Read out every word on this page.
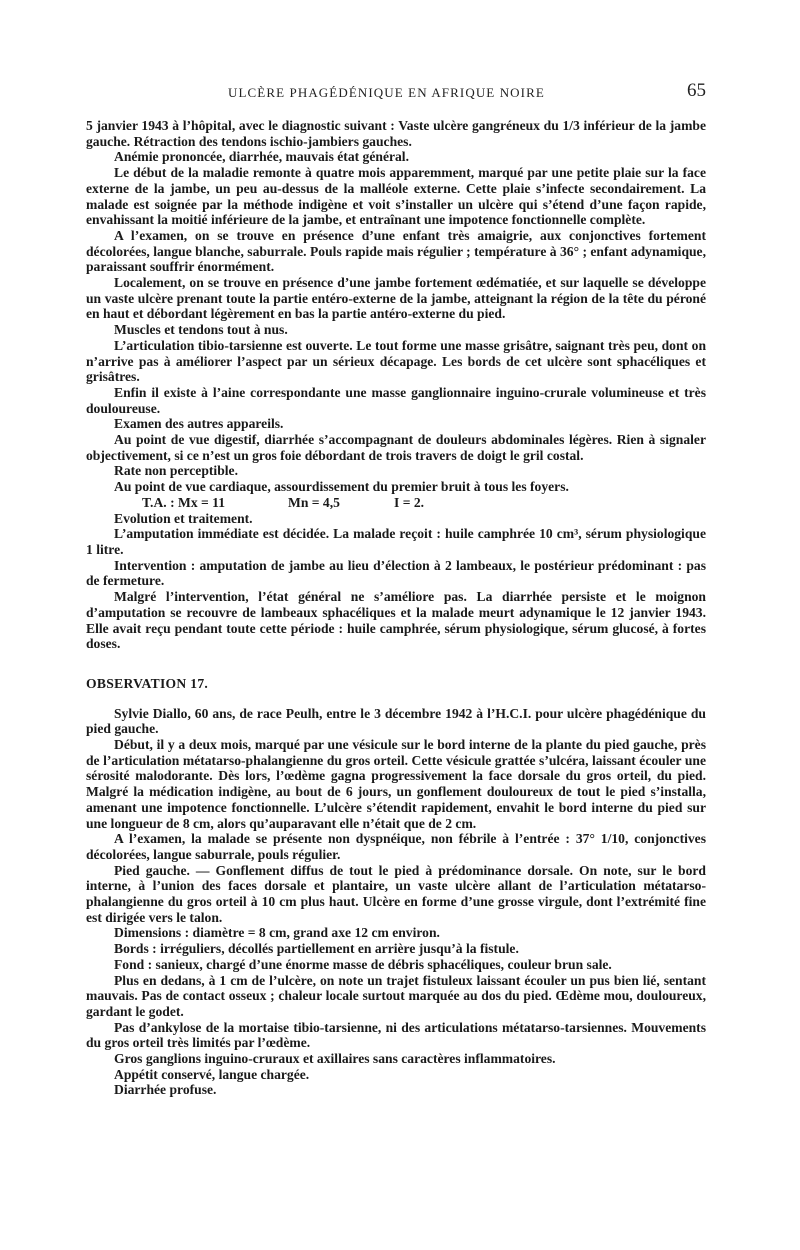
ULCÈRE PHAGÉDÉNIQUE EN AFRIQUE NOIRE	65

5 janvier 1943 à l’hôpital, avec le diagnostic suivant : Vaste ulcère gangréneux du 1/3 inférieur de la jambe gauche. Rétraction des tendons ischio-jambiers gauches.

Anémie prononcée, diarrhée, mauvais état général.

Le début de la maladie remonte à quatre mois apparemment, marqué par une petite plaie sur la face externe de la jambe, un peu au-dessus de la malléole externe. Cette plaie s’infecte secondairement. La malade est soignée par la méthode indigène et voit s’installer un ulcère qui s’étend d’une façon rapide, envahissant la moitié inférieure de la jambe, et entraînant une impotence fonctionnelle complète.

A l’examen, on se trouve en présence d’une enfant très amaigrie, aux conjonctives fortement décolorées, langue blanche, saburrale. Pouls rapide mais régulier ; température à 36° ; enfant adynamique, paraissant souffrir énormément.

Localement, on se trouve en présence d’une jambe fortement œdématiée, et sur laquelle se développe un vaste ulcère prenant toute la partie entéro-externe de la jambe, atteignant la région de la tête du péroné en haut et débordant légèrement en bas la partie antéro-externe du pied.

Muscles et tendons tout à nus.

L’articulation tibio-tarsienne est ouverte. Le tout forme une masse grisâtre, saignant très peu, dont on n’arrive pas à améliorer l’aspect par un sérieux décapage. Les bords de cet ulcère sont sphacéliques et grisâtres.

Enfin il existe à l’aine correspondante une masse ganglionnaire inguino-crurale volumineuse et très douloureuse.

Examen des autres appareils.

Au point de vue digestif, diarrhée s’accompagnant de douleurs abdominales légères. Rien à signaler objectivement, si ce n’est un gros foie débordant de trois travers de doigt le gril costal.

Rate non perceptible.

Au point de vue cardiaque, assourdissement du premier bruit à tous les foyers.

T.A. : Mx = 11	Mn = 4,5	I = 2.

Evolution et traitement.

L’amputation immédiate est décidée. La malade reçoit : huile camphrée 10 cm³, sérum physiologique 1 litre.

Intervention : amputation de jambe au lieu d’élection à 2 lambeaux, le postérieur prédominant : pas de fermeture.

Malgré l’intervention, l’état général ne s’améliore pas. La diarrhée persiste et le moignon d’amputation se recouvre de lambeaux sphacéliques et la malade meurt adynamique le 12 janvier 1943. Elle avait reçu pendant toute cette période : huile camphrée, sérum physiologique, sérum glucosé, à fortes doses.

OBSERVATION 17.

Sylvie Diallo, 60 ans, de race Peulh, entre le 3 décembre 1942 à l’H.C.I. pour ulcère phagédénique du pied gauche.

Début, il y a deux mois, marqué par une vésicule sur le bord interne de la plante du pied gauche, près de l’articulation métatarso-phalangienne du gros orteil. Cette vésicule grattée s’ulcéra, laissant écouler une sérosité malodorante. Dès lors, l’œdème gagna progressivement la face dorsale du gros orteil, du pied. Malgré la médication indigène, au bout de 6 jours, un gonflement douloureux de tout le pied s’installa, amenant une impotence fonctionnelle. L’ulcère s’étendit rapidement, envahit le bord interne du pied sur une longueur de 8 cm, alors qu’auparavant elle n’était que de 2 cm.

A l’examen, la malade se présente non dyspnéique, non fébrile à l’entrée : 37° 1/10, conjonctives décolorées, langue saburrale, pouls régulier.

Pied gauche. — Gonflement diffus de tout le pied à prédominance dorsale. On note, sur le bord interne, à l’union des faces dorsale et plantaire, un vaste ulcère allant de l’articulation métatarso-phalangienne du gros orteil à 10 cm plus haut. Ulcère en forme d’une grosse virgule, dont l’extrémité fine est dirigée vers le talon.

Dimensions : diamètre = 8 cm, grand axe 12 cm environ.

Bords : irréguliers, décollés partiellement en arrière jusqu’à la fistule.

Fond : sanieux, chargé d’une énorme masse de débris sphacéliques, couleur brun sale.

Plus en dedans, à 1 cm de l’ulcère, on note un trajet fistuleux laissant écouler un pus bien lié, sentant mauvais. Pas de contact osseux ; chaleur locale surtout marquée au dos du pied. Œdème mou, douloureux, gardant le godet.

Pas d’ankylose de la mortaise tibio-tarsienne, ni des articulations métatarso-tarsiennes. Mouvements du gros orteil très limités par l’œdème.

Gros ganglions inguino-cruraux et axillaires sans caractères inflammatoires.

Appétit conservé, langue chargée.

Diarrhée profuse.
